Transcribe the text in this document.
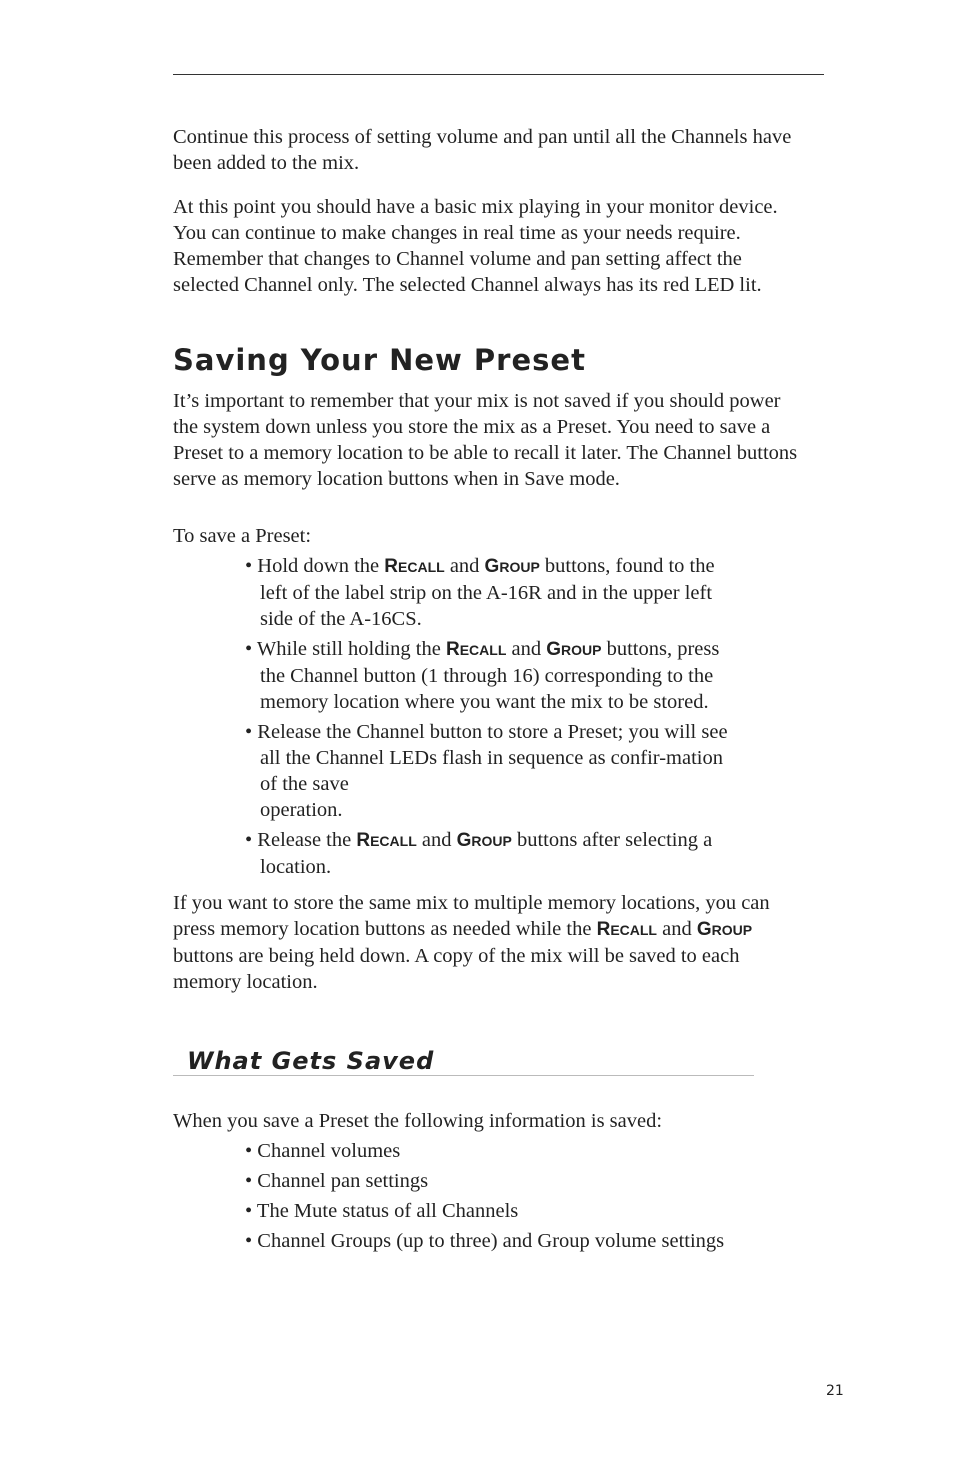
Continue this process of setting volume and pan until all the Channels have been added to the mix.

At this point you should have a basic mix playing in your monitor device. You can continue to make changes in real time as your needs require. Remember that changes to Channel volume and pan setting affect the selected Channel only. The selected Channel always has its red LED lit.

Saving Your New Preset

It’s important to remember that your mix is not saved if you should power the system down unless you store the mix as a Preset. You need to save a Preset to a memory location to be able to recall it later. The Channel buttons serve as memory location buttons when in Save mode.

To save a Preset:

• Hold down the RECALL and GROUP buttons, found to the left of the label strip on the A-16R and in the upper left side of the A-16CS.
• While still holding the RECALL and GROUP buttons, press the Channel button (1 through 16) corresponding to the memory location where you want the mix to be stored.
• Release the Channel button to store a Preset; you will see all the Channel LEDs flash in sequence as confir-mation of the save
operation.
• Release the RECALL and GROUP buttons after selecting a location.

If you want to store the same mix to multiple memory locations, you can press memory location buttons as needed while the RECALL and GROUP buttons are being held down. A copy of the mix will be saved to each memory location.

What Gets Saved

When you save a Preset the following information is saved:

• Channel volumes
• Channel pan settings
• The Mute status of all Channels
• Channel Groups (up to three) and Group volume settings
21
